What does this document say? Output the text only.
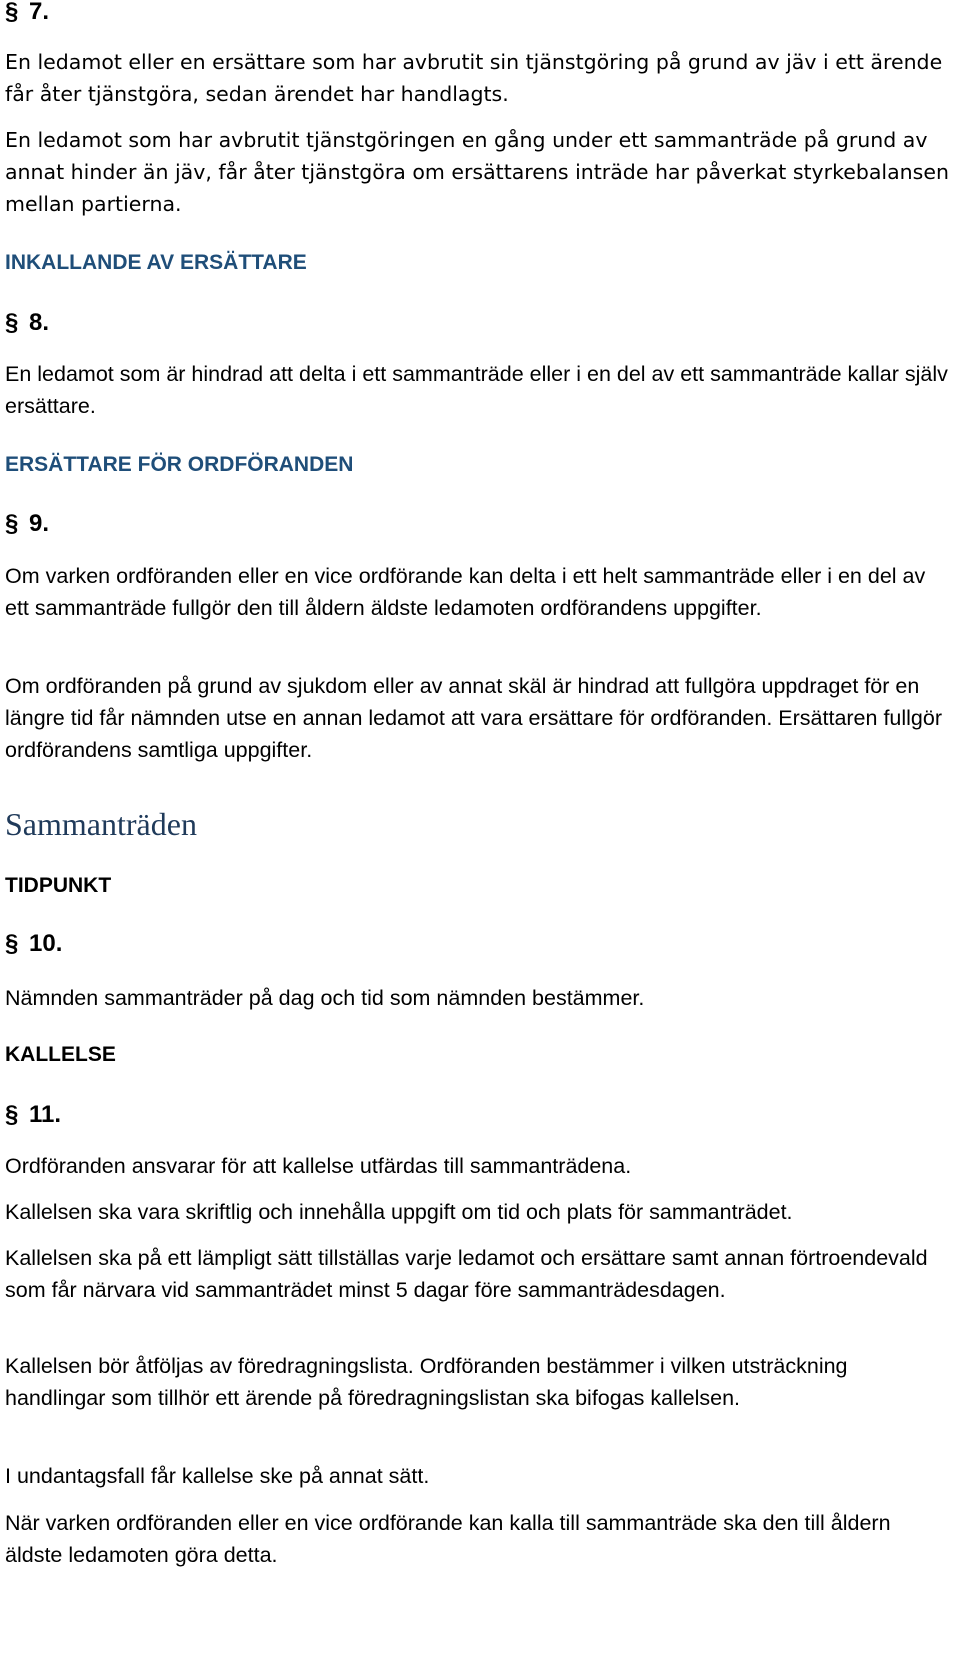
§ 7.

En ledamot eller en ersättare som har avbrutit sin tjänstgöring på grund av jäv i ett ärende får åter tjänstgöra, sedan ärendet har handlagts.

En ledamot som har avbrutit tjänstgöringen en gång under ett sammanträde på grund av annat hinder än jäv, får åter tjänstgöra om ersättarens inträde har påverkat styrkebalansen mellan partierna.

INKALLANDE AV ERSÄTTARE
§ 8.

En ledamot som är hindrad att delta i ett sammanträde eller i en del av ett sammanträde kallar själv ersättare.

ERSÄTTARE FÖR ORDFÖRANDEN
§ 9.

Om varken ordföranden eller en vice ordförande kan delta i ett helt sammanträde eller i en del av ett sammanträde fullgör den till åldern äldste ledamoten ordförandens uppgifter.

Om ordföranden på grund av sjukdom eller av annat skäl är hindrad att fullgöra uppdraget för en längre tid får nämnden utse en annan ledamot att vara ersättare för ordföranden. Ersättaren fullgör ordförandens samtliga uppgifter.

Sammanträden
TIDPUNKT
§ 10.

Nämnden sammanträder på dag och tid som nämnden bestämmer.

KALLELSE
§ 11.

Ordföranden ansvarar för att kallelse utfärdas till sammanträdena.

Kallelsen ska vara skriftlig och innehålla uppgift om tid och plats för sammanträdet.

Kallelsen ska på ett lämpligt sätt tillställas varje ledamot och ersättare samt annan förtroendevald som får närvara vid sammanträdet minst 5 dagar före sammanträdesdagen.

Kallelsen bör åtföljas av föredragningslista. Ordföranden bestämmer i vilken utsträckning handlingar som tillhör ett ärende på föredragningslistan ska bifogas kallelsen.

I undantagsfall får kallelse ske på annat sätt.

När varken ordföranden eller en vice ordförande kan kalla till sammanträde ska den till åldern äldste ledamoten göra detta.
